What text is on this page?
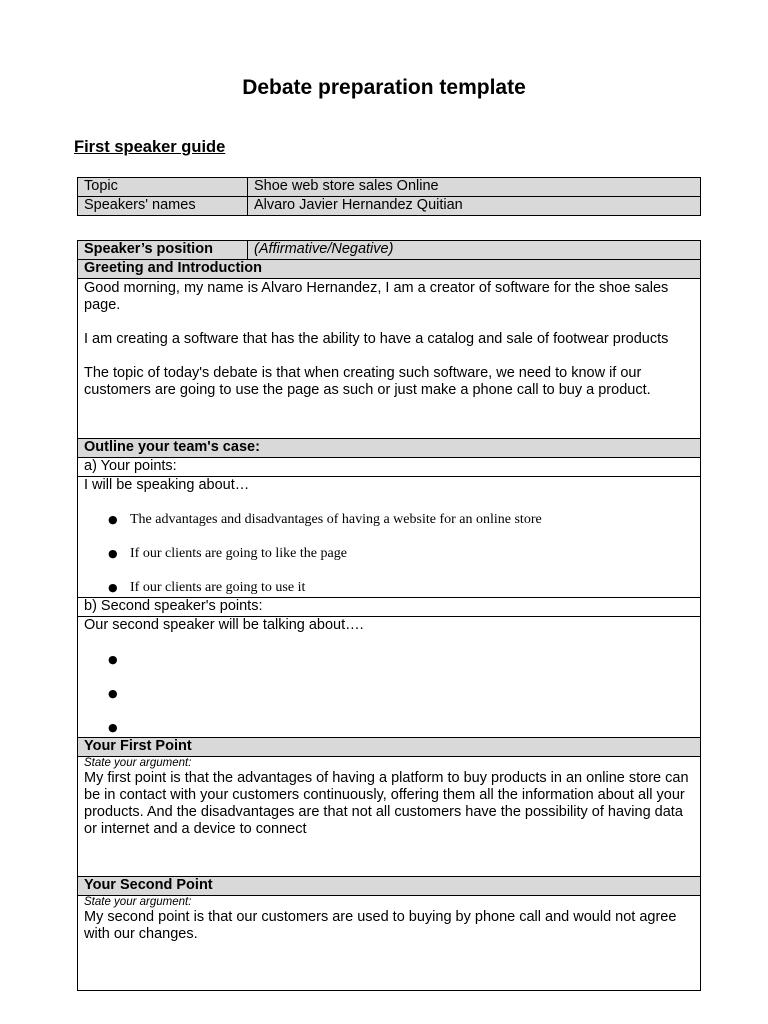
Debate preparation template
First speaker guide
Topic	Shoe web store sales Online
Speakers' names	Alvaro Javier Hernandez Quitian
Speaker’s position	(Affirmative/Negative)
Greeting and Introduction

Good morning, my name is Alvaro Hernandez, I am a creator of software for the shoe sales page.

I am creating a software that has the ability to have a catalog and sale of footwear products

The topic of today's debate is that when creating such software, we need to know if our customers are going to use the page as such or just make a phone call to buy a product.

Outline your team's case:
a) Your points:

I will be speaking about…

● The advantages and disadvantages of having a website for an online store
● If our clients are going to like the page
● If our clients are going to use it

b) Second speaker's points:

Our second speaker will be talking about….

●
●
●

Your First Point

State your argument:

My first point is that the advantages of having a platform to buy products in an online store can be in contact with your customers continuously, offering them all the information about all your products. And the disadvantages are that not all customers have the possibility of having data or internet and a device to connect

Your Second Point

State your argument:

My second point is that our customers are used to buying by phone call and would not agree with our changes.
